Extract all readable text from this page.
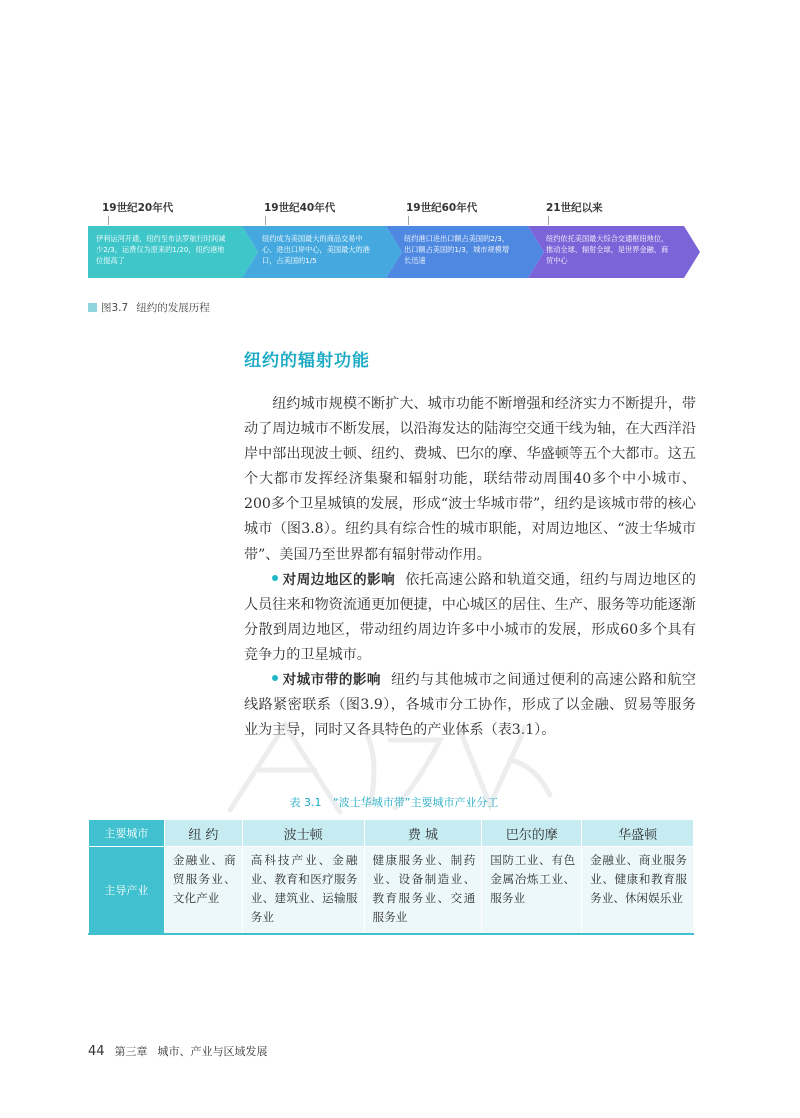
19世纪20年代	19世纪40年代	19世纪60年代	21世纪以来
伊利运河开通，纽约至布法罗航行时间减少2/3，运费仅为原来的1/20，纽约港地位提高了
纽约成为美国最大的商品交易中心、进出口岸中心，美国最大的港口，占美国的1/5
纽约港口进出口额占美国的2/3，出口额占美国的1/3，城市规模增长迅速
纽约依托美国最大综合交通枢纽地位，推动全球、辐射全球，是世界金融、商贸中心
图3.7 纽约的发展历程
纽约的辐射功能

纽约城市规模不断扩大、城市功能不断增强和经济实力不断提升，带动了周边城市不断发展，以沿海发达的陆海空交通干线为轴，在大西洋沿岸中部出现波士顿、纽约、费城、巴尔的摩、华盛顿等五个大都市。这五个大都市发挥经济集聚和辐射功能，联结带动周围40多个中小城市、200多个卫星城镇的发展，形成“波士华城市带”，纽约是该城市带的核心城市（图3.8）。纽约具有综合性的城市职能，对周边地区、“波士华城市带”、美国乃至世界都有辐射带动作用。

对周边地区的影响 依托高速公路和轨道交通，纽约与周边地区的人员往来和物资流通更加便捷，中心城区的居住、生产、服务等功能逐渐分散到周边地区，带动纽约周边许多中小城市的发展，形成60多个具有竞争力的卫星城市。

对城市带的影响 纽约与其他城市之间通过便利的高速公路和航空线路紧密联系（图3.9），各城市分工协作，形成了以金融、贸易等服务业为主导，同时又各具特色的产业体系（表3.1）。

表 3.1 “波士华城市带”主要城市产业分工
主要城市	纽 约	波士顿	费 城	巴尔的摩	华盛顿
主导产业	金融业、商贸服务业、文化产业	高科技产业、金融业、教育和医疗服务业、建筑业、运输服务业	健康服务业、制药业、设备制造业、教育服务业、交通服务业	国防工业、有色金属冶炼工业、服务业	金融业、商业服务业、健康和教育服务业、休闲娱乐业
44 第三章 城市、产业与区域发展
